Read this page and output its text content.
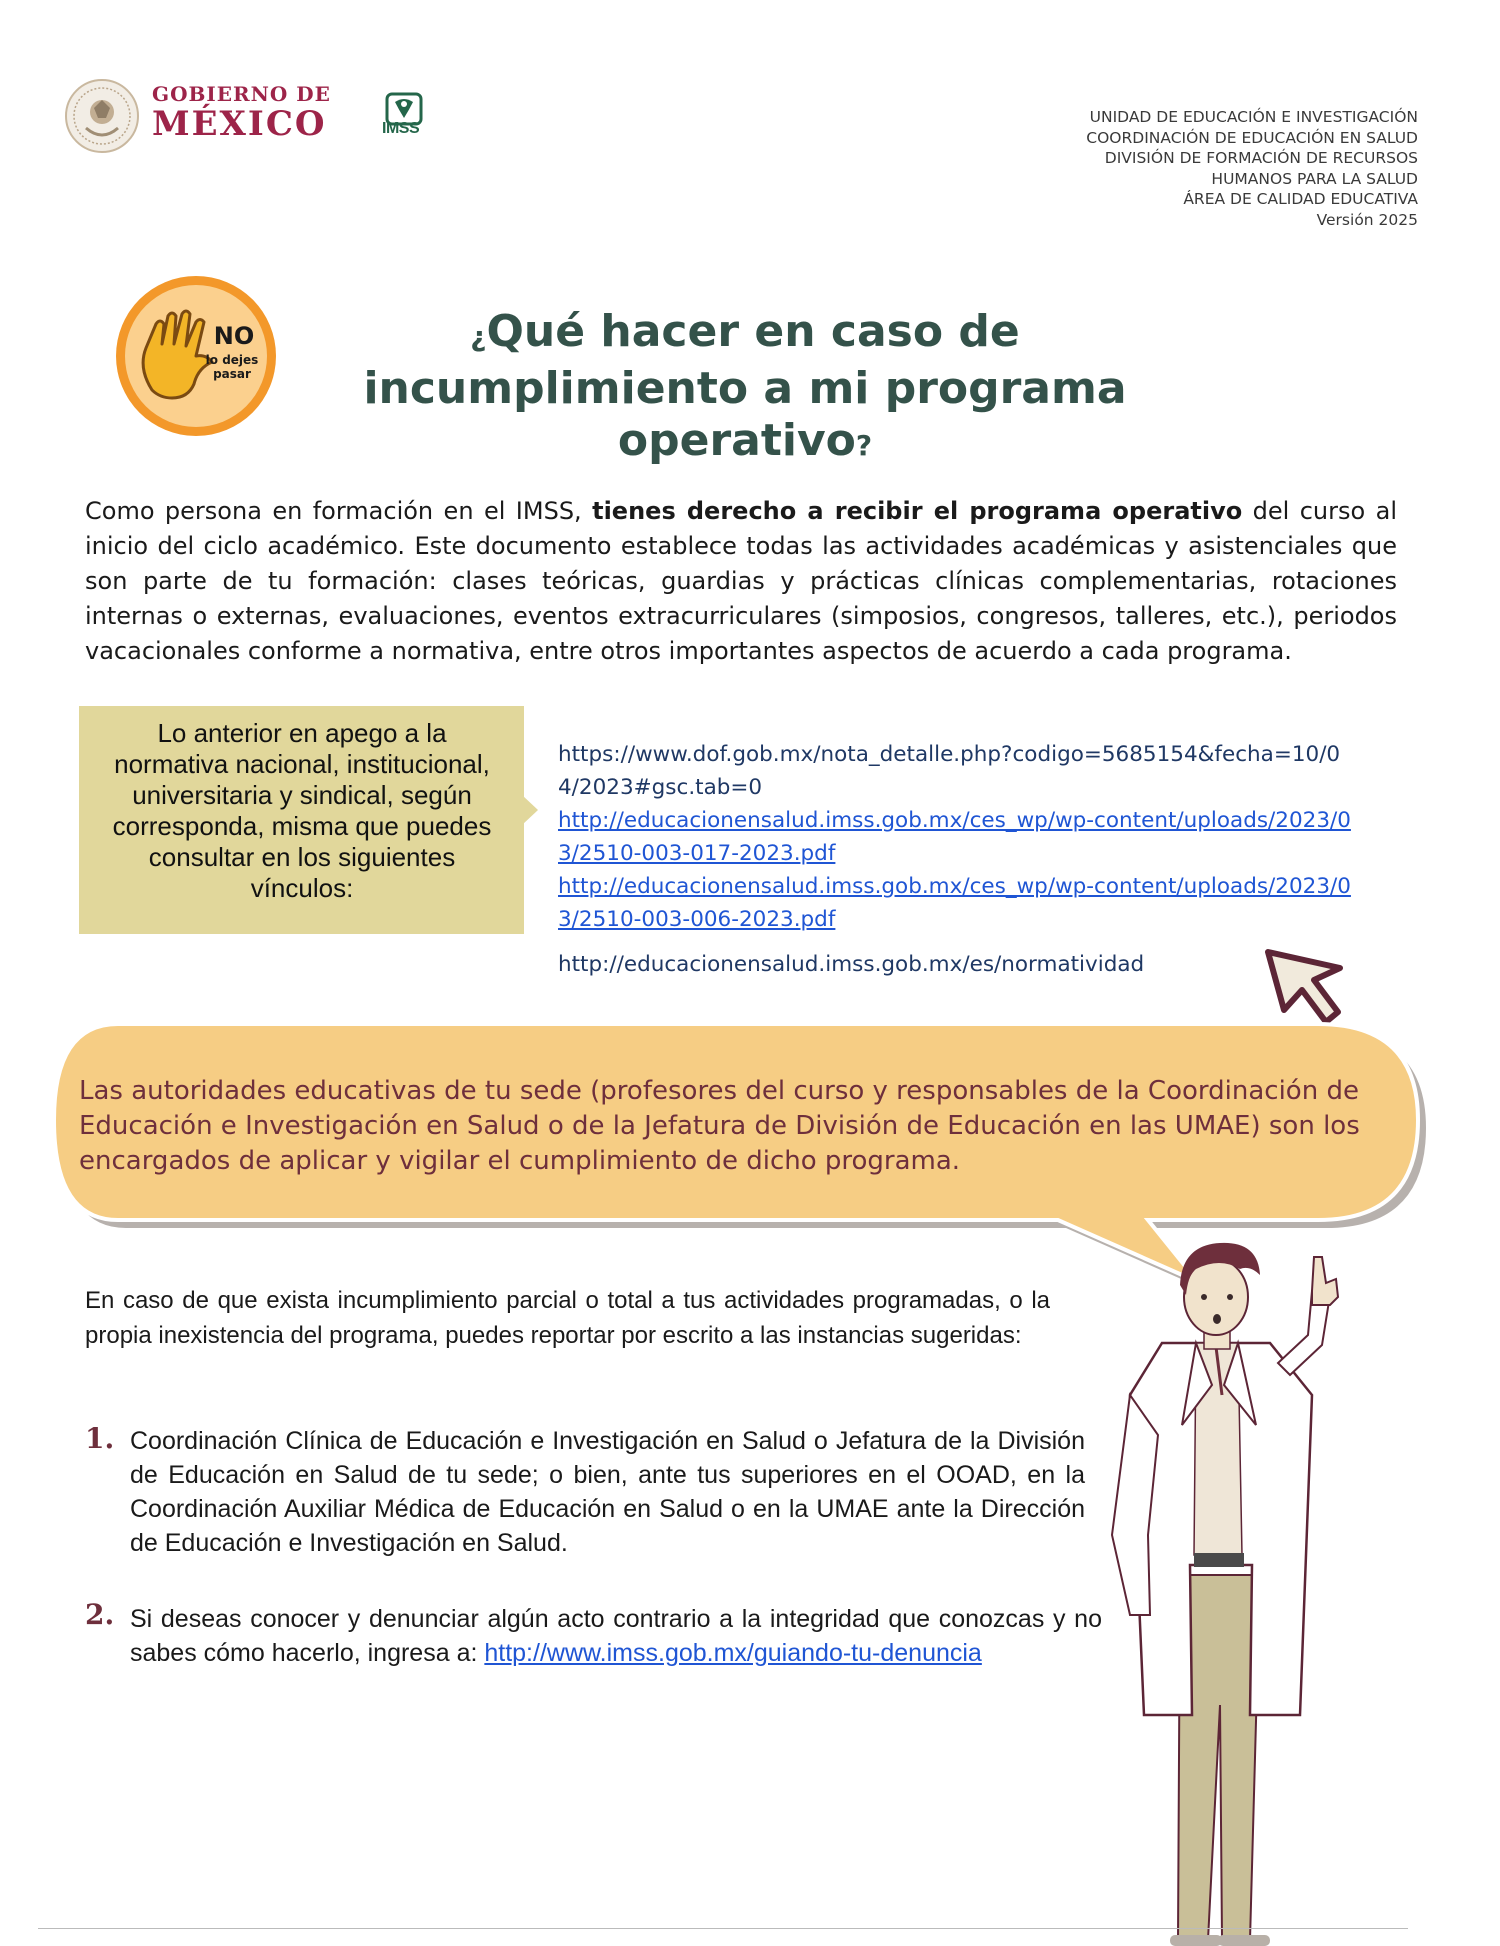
GOBIERNO DE
MÉXICO	IMSS
UNIDAD DE EDUCACIÓN E INVESTIGACIÓN
COORDINACIÓN DE EDUCACIÓN EN SALUD
DIVISIÓN DE FORMACIÓN DE RECURSOS
HUMANOS PARA LA SALUD
ÁREA DE CALIDAD EDUCATIVA
Versión 2025
NO
lo dejes
pasar
¿Qué hacer en caso de
incumplimiento a mi programa
operativo?
Como persona en formación en el IMSS, tienes derecho a recibir el programa operativo del curso al inicio del ciclo académico. Este documento establece todas las actividades académicas y asistenciales que son parte de tu formación: clases teóricas, guardias y prácticas clínicas complementarias, rotaciones internas o externas, evaluaciones, eventos extracurriculares (simposios, congresos, talleres, etc.), periodos vacacionales conforme a normativa, entre otros importantes aspectos de acuerdo a cada programa.
Lo anterior en apego a la normativa nacional, institucional, universitaria y sindical, según corresponda, misma que puedes consultar en los siguientes vínculos:
https://www.dof.gob.mx/nota_detalle.php?codigo=5685154&fecha=10/04/2023#gsc.tab=0
http://educacionensalud.imss.gob.mx/ces_wp/wp-content/uploads/2023/03/2510-003-017-2023.pdf
http://educacionensalud.imss.gob.mx/ces_wp/wp-content/uploads/2023/03/2510-003-006-2023.pdf
http://educacionensalud.imss.gob.mx/es/normatividad
Las autoridades educativas de tu sede (profesores del curso y responsables de la Coordinación de Educación e Investigación en Salud o de la Jefatura de División de Educación en las UMAE) son los encargados de aplicar y vigilar el cumplimiento de dicho programa.
En caso de que exista incumplimiento parcial o total a tus actividades programadas, o la propia inexistencia del programa, puedes reportar por escrito a las instancias sugeridas:
1. Coordinación Clínica de Educación e Investigación en Salud o Jefatura de la División de Educación en Salud de tu sede; o bien, ante tus superiores en el OOAD, en la Coordinación Auxiliar Médica de Educación en Salud o en la UMAE ante la Dirección de Educación e Investigación en Salud.
2. Si deseas conocer y denunciar algún acto contrario a la integridad que conozcas y no sabes cómo hacerlo, ingresa a: http://www.imss.gob.mx/guiando-tu-denuncia
